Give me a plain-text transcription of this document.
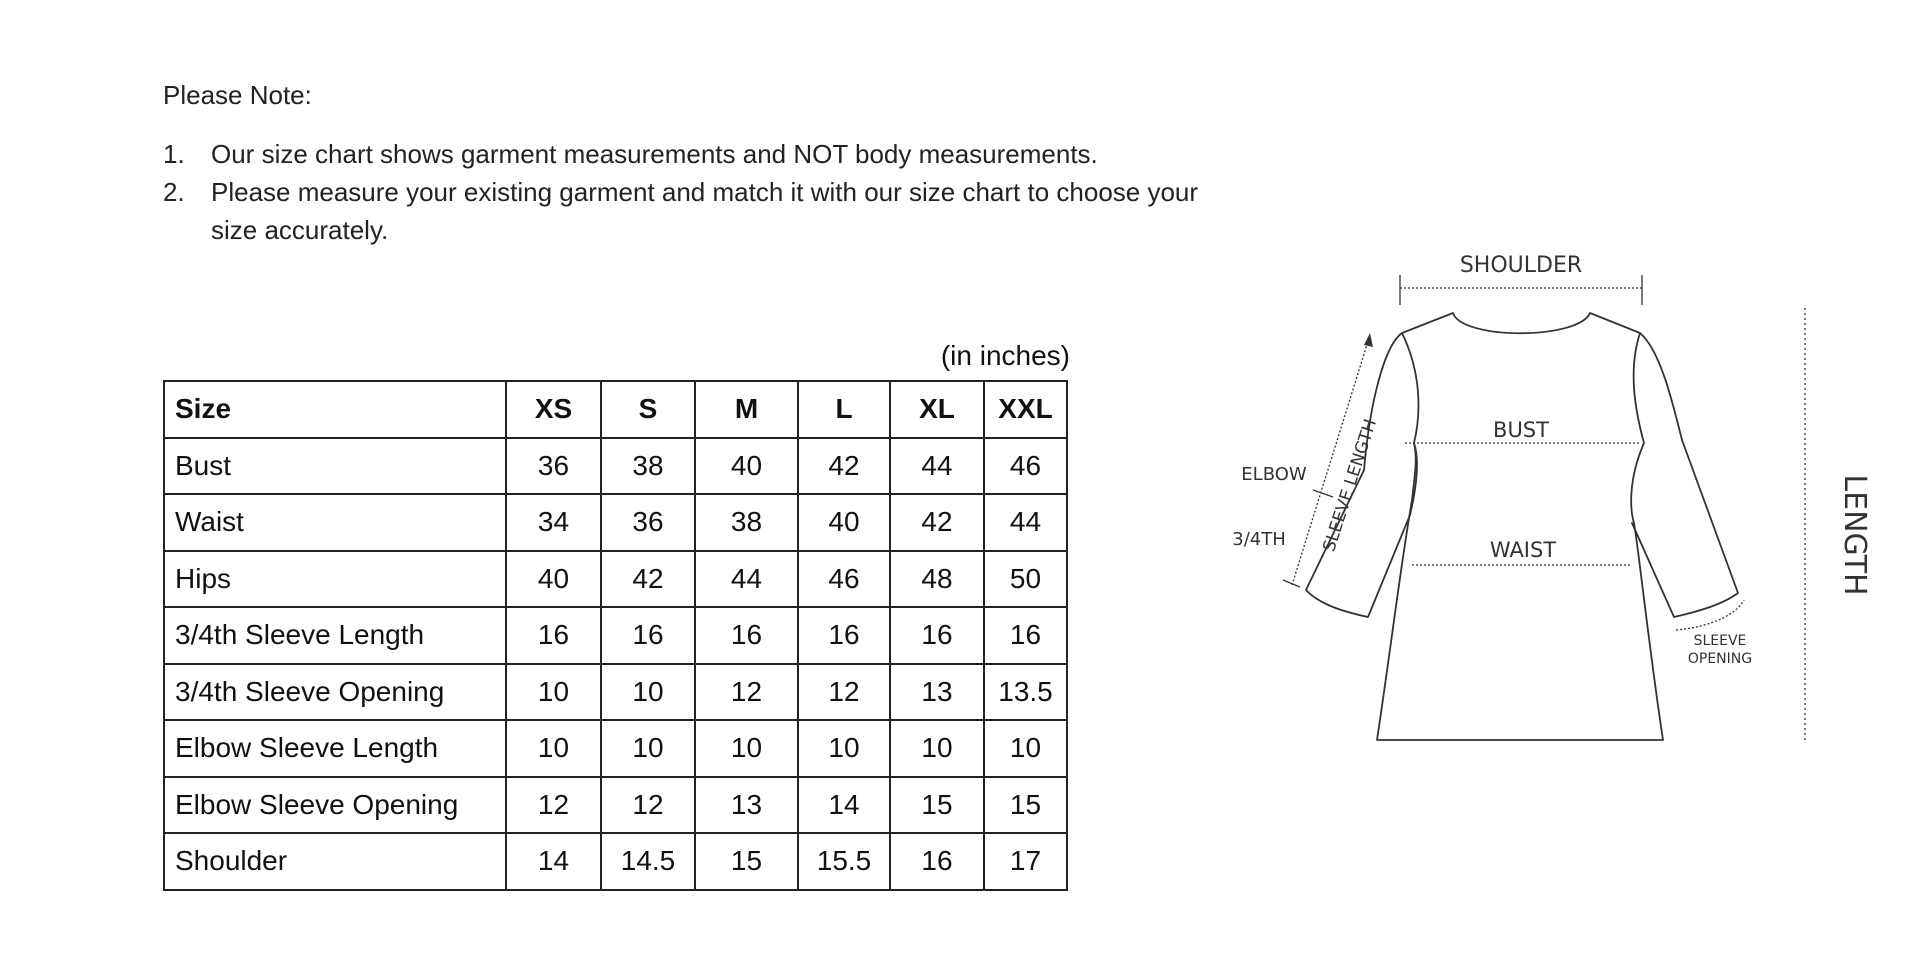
Please Note:

1. Our size chart shows garment measurements and NOT body measurements.
2. Please measure your existing garment and match it with our size chart to choose your size accurately.
(in inches)
Size	XS	S	M	L	XL	XXL
Bust	36	38	40	42	44	46
Waist	34	36	38	40	42	44
Hips	40	42	44	46	48	50
3/4th Sleeve Length	16	16	16	16	16	16
3/4th Sleeve Opening	10	10	12	12	13	13.5
Elbow Sleeve Length	10	10	10	10	10	10
Elbow Sleeve Opening	12	12	13	14	15	15
Shoulder	14	14.5	15	15.5	16	17
SHOULDER
BUST
WAIST
ELBOW
3/4TH SLEEVE LENGTH
SLEEVE
OPENING
LENGTH
